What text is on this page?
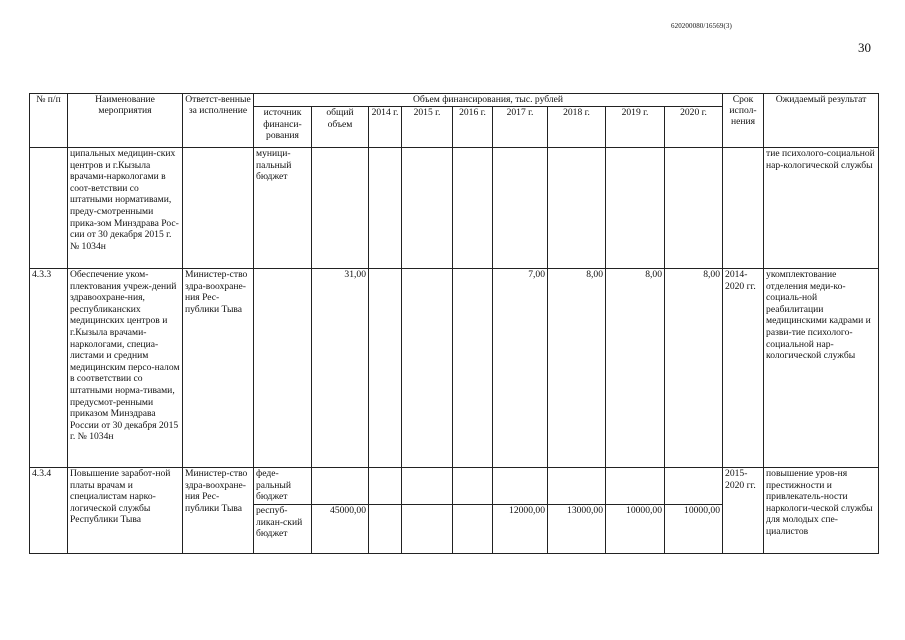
620200080/16569(3)
30
№ п/п	Наименование мероприятия	Ответст-венные за исполнение	Объем финансирования, тыс. рублей									Срок испол-нения	Ожидаемый результат
			источник финанси-рования	общий объем	2014 г.	2015 г.	2016 г.	2017 г.	2018 г.	2019 г.	2020 г.		
	ципальных медицин-ских центров и г.Кызыла врачами-наркологами в соот-ветствии со штатными нормативами, преду-смотренными прика-зом Минздрава Рос-сии от 30 декабря 2015 г. № 1034н		муници-пальный бюджет										тие психолого-социальной нар-кологической службы
4.3.3	Обеспечение уком-плектования учреж-дений здравоохране-ния, республиканских медицинских центров и г.Кызыла врачами-наркологами, специа-листами и средним медицинским персо-налом в соответствии со штатными норма-тивами, предусмот-ренными приказом Минздрава России от 30 декабря 2015 г. № 1034н	Министер-ство здра-воохране-ния Рес-публики Тыва		31,00				7,00	8,00	8,00	8,00	2014-2020 гг.	укомплектование отделения меди-ко-социаль-ной реабилитации медицинскими кадрами и разви-тие психолого-социальной нар-кологической службы
4.3.4	Повышение заработ-ной платы врачам и специалистам нарко-логической службы Республики Тыва	Министер-ство здра-воохране-ния Рес-публики Тыва	феде-ральный бюджет									2015-2020 гг.	повышение уров-ня престижности и привлекатель-ности наркологи-ческой службы для молодых спе-циалистов
			респуб-ликан-ский бюджет	45000,00				12000,00	13000,00	10000,00	10000,00		
